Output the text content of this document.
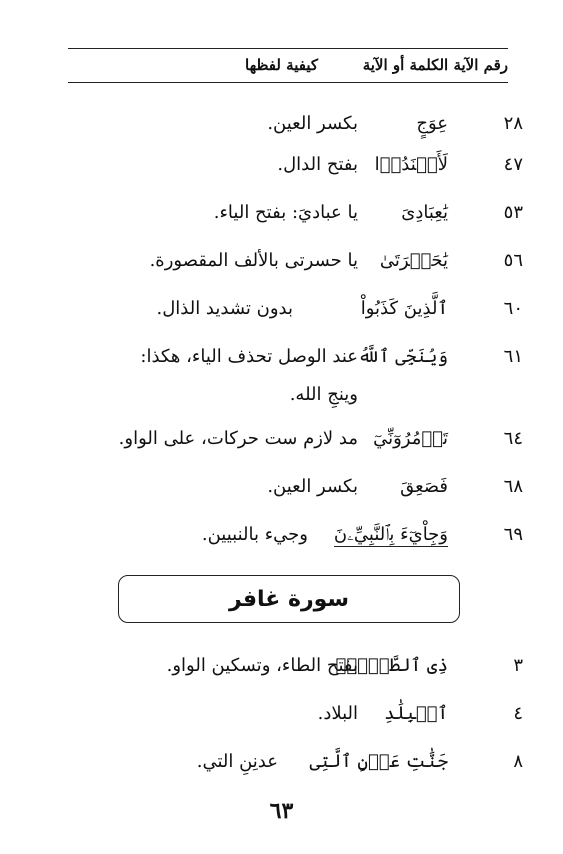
رقم الآية الكلمة أو الآية
كيفية لفظها
٢٨
عِوَجٍ
بكسر العين.
٤٧
لَأَفۡنَدُوۡا
بفتح الدال.
٥٣
يَٰعِبَادِىَ
يا عباديَ: بفتح الياء.
٥٦
يَٰحَسۡرَتَىٰ
يا حسرتى بالألف المقصورة.
٦٠
ٱلَّذِينَ كَذَبُواْ
بدون تشديد الذال.
٦١
وَيُنَجِّى ٱللَّهُ
عند الوصل تحذف الياء، هكذا:
وينجِ الله.
٦٤
تَأۡمُرُوٓنِّيٓ
مد لازم ست حركات، على الواو.
٦٨
فَصَعِقَ
بكسر العين.
٦٩
وَجِاْيٓءَ بِٱلنَّبِيِّۦنَ
وجيء بالنبيين.
سورة غافر
٣
ذِى ٱلطَّوۡلِۖ
بفتح الطاء، وتسكين الواو.
٤
ٱلۡبِلَٰدِ
البلاد.
٨
جَنَّٰتِ عَدۡنٍ ٱلَّتِى
عدنِنِ التي.
٦٣
